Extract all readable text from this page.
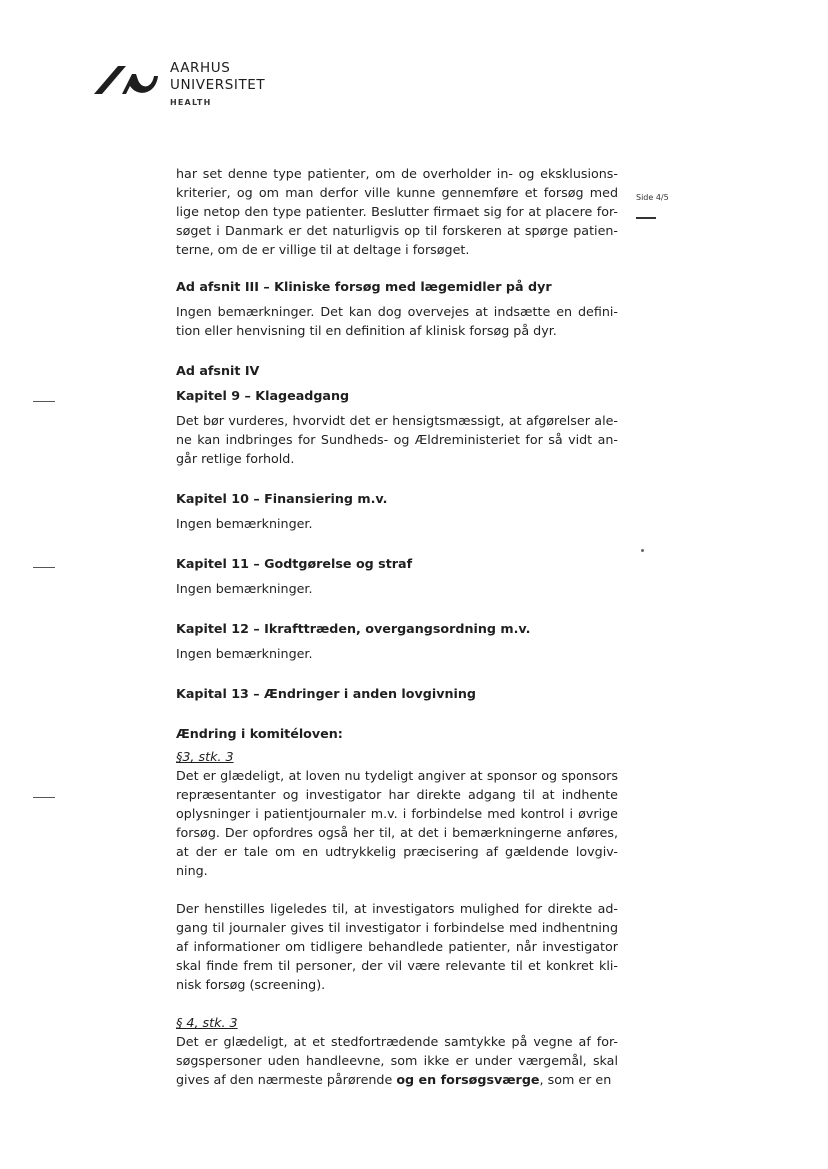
AARHUS
UNIVERSITET
HEALTH
Side 4/5

har set denne type patienter, om de overholder in- og eksklusions-kriterier, og om man derfor ville kunne gennemføre et forsøg med lige netop den type patienter. Beslutter firmaet sig for at placere for-søget i Danmark er det naturligvis op til forskeren at spørge patien-terne, om de er villige til at deltage i forsøget.

Ad afsnit III – Kliniske forsøg med lægemidler på dyr

Ingen bemærkninger. Det kan dog overvejes at indsætte en defini-tion eller henvisning til en definition af klinisk forsøg på dyr.

Ad afsnit IV

Kapitel 9 – Klageadgang

Det bør vurderes, hvorvidt det er hensigtsmæssigt, at afgørelser ale-ne kan indbringes for Sundheds- og Ældreministeriet for så vidt an-går retlige forhold.

Kapitel 10 – Finansiering m.v.

Ingen bemærkninger.

Kapitel 11 – Godtgørelse og straf

Ingen bemærkninger.

Kapitel 12 – Ikrafttræden, overgangsordning m.v.

Ingen bemærkninger.

Kapital 13 – Ændringer i anden lovgivning

Ændring i komitéloven:

§3, stk. 3

Det er glædeligt, at loven nu tydeligt angiver at sponsor og sponsors repræsentanter og investigator har direkte adgang til at indhente oplysninger i patientjournaler m.v. i forbindelse med kontrol i øvrige forsøg. Der opfordres også her til, at det i bemærkningerne anføres, at der er tale om en udtrykkelig præcisering af gældende lovgiv-ning.

Der henstilles ligeledes til, at investigators mulighed for direkte ad-gang til journaler gives til investigator i forbindelse med indhentning af informationer om tidligere behandlede patienter, når investigator skal finde frem til personer, der vil være relevante til et konkret kli-nisk forsøg (screening).

§ 4, stk. 3

Det er glædeligt, at et stedfortrædende samtykke på vegne af for-søgspersoner uden handleevne, som ikke er under værgemål, skal gives af den nærmeste pårørende og en forsøgsværge, som er en
